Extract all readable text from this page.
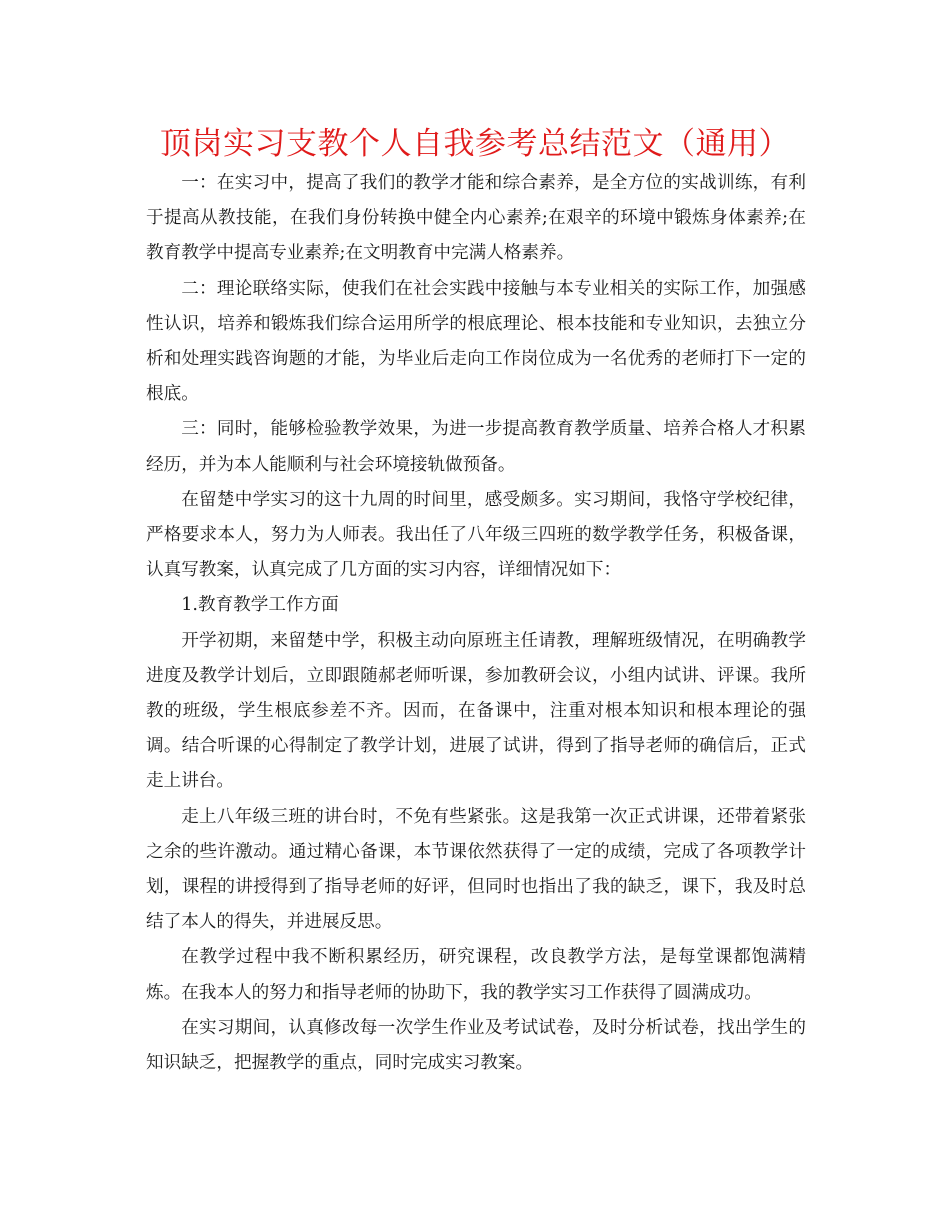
顶岗实习支教个人自我参考总结范文（通用）

一：在实习中，提高了我们的教学才能和综合素养，是全方位的实战训练，有利于提高从教技能，在我们身份转换中健全内心素养;在艰辛的环境中锻炼身体素养;在教育教学中提高专业素养;在文明教育中完满人格素养。

二：理论联络实际，使我们在社会实践中接触与本专业相关的实际工作，加强感性认识，培养和锻炼我们综合运用所学的根底理论、根本技能和专业知识，去独立分析和处理实践咨询题的才能，为毕业后走向工作岗位成为一名优秀的老师打下一定的根底。

三：同时，能够检验教学效果，为进一步提高教育教学质量、培养合格人才积累经历，并为本人能顺利与社会环境接轨做预备。

在留楚中学实习的这十九周的时间里，感受颇多。实习期间，我恪守学校纪律，严格要求本人，努力为人师表。我出任了八年级三四班的数学教学任务，积极备课，认真写教案，认真完成了几方面的实习内容，详细情况如下：

1.教育教学工作方面

开学初期，来留楚中学，积极主动向原班主任请教，理解班级情况，在明确教学进度及教学计划后，立即跟随郝老师听课，参加教研会议，小组内试讲、评课。我所教的班级，学生根底参差不齐。因而，在备课中，注重对根本知识和根本理论的强调。结合听课的心得制定了教学计划，进展了试讲，得到了指导老师的确信后，正式走上讲台。

走上八年级三班的讲台时，不免有些紧张。这是我第一次正式讲课，还带着紧张之余的些许激动。通过精心备课，本节课依然获得了一定的成绩，完成了各项教学计划，课程的讲授得到了指导老师的好评，但同时也指出了我的缺乏，课下，我及时总结了本人的得失，并进展反思。

在教学过程中我不断积累经历，研究课程，改良教学方法，是每堂课都饱满精炼。在我本人的努力和指导老师的协助下，我的教学实习工作获得了圆满成功。

在实习期间，认真修改每一次学生作业及考试试卷，及时分析试卷，找出学生的知识缺乏，把握教学的重点，同时完成实习教案。
